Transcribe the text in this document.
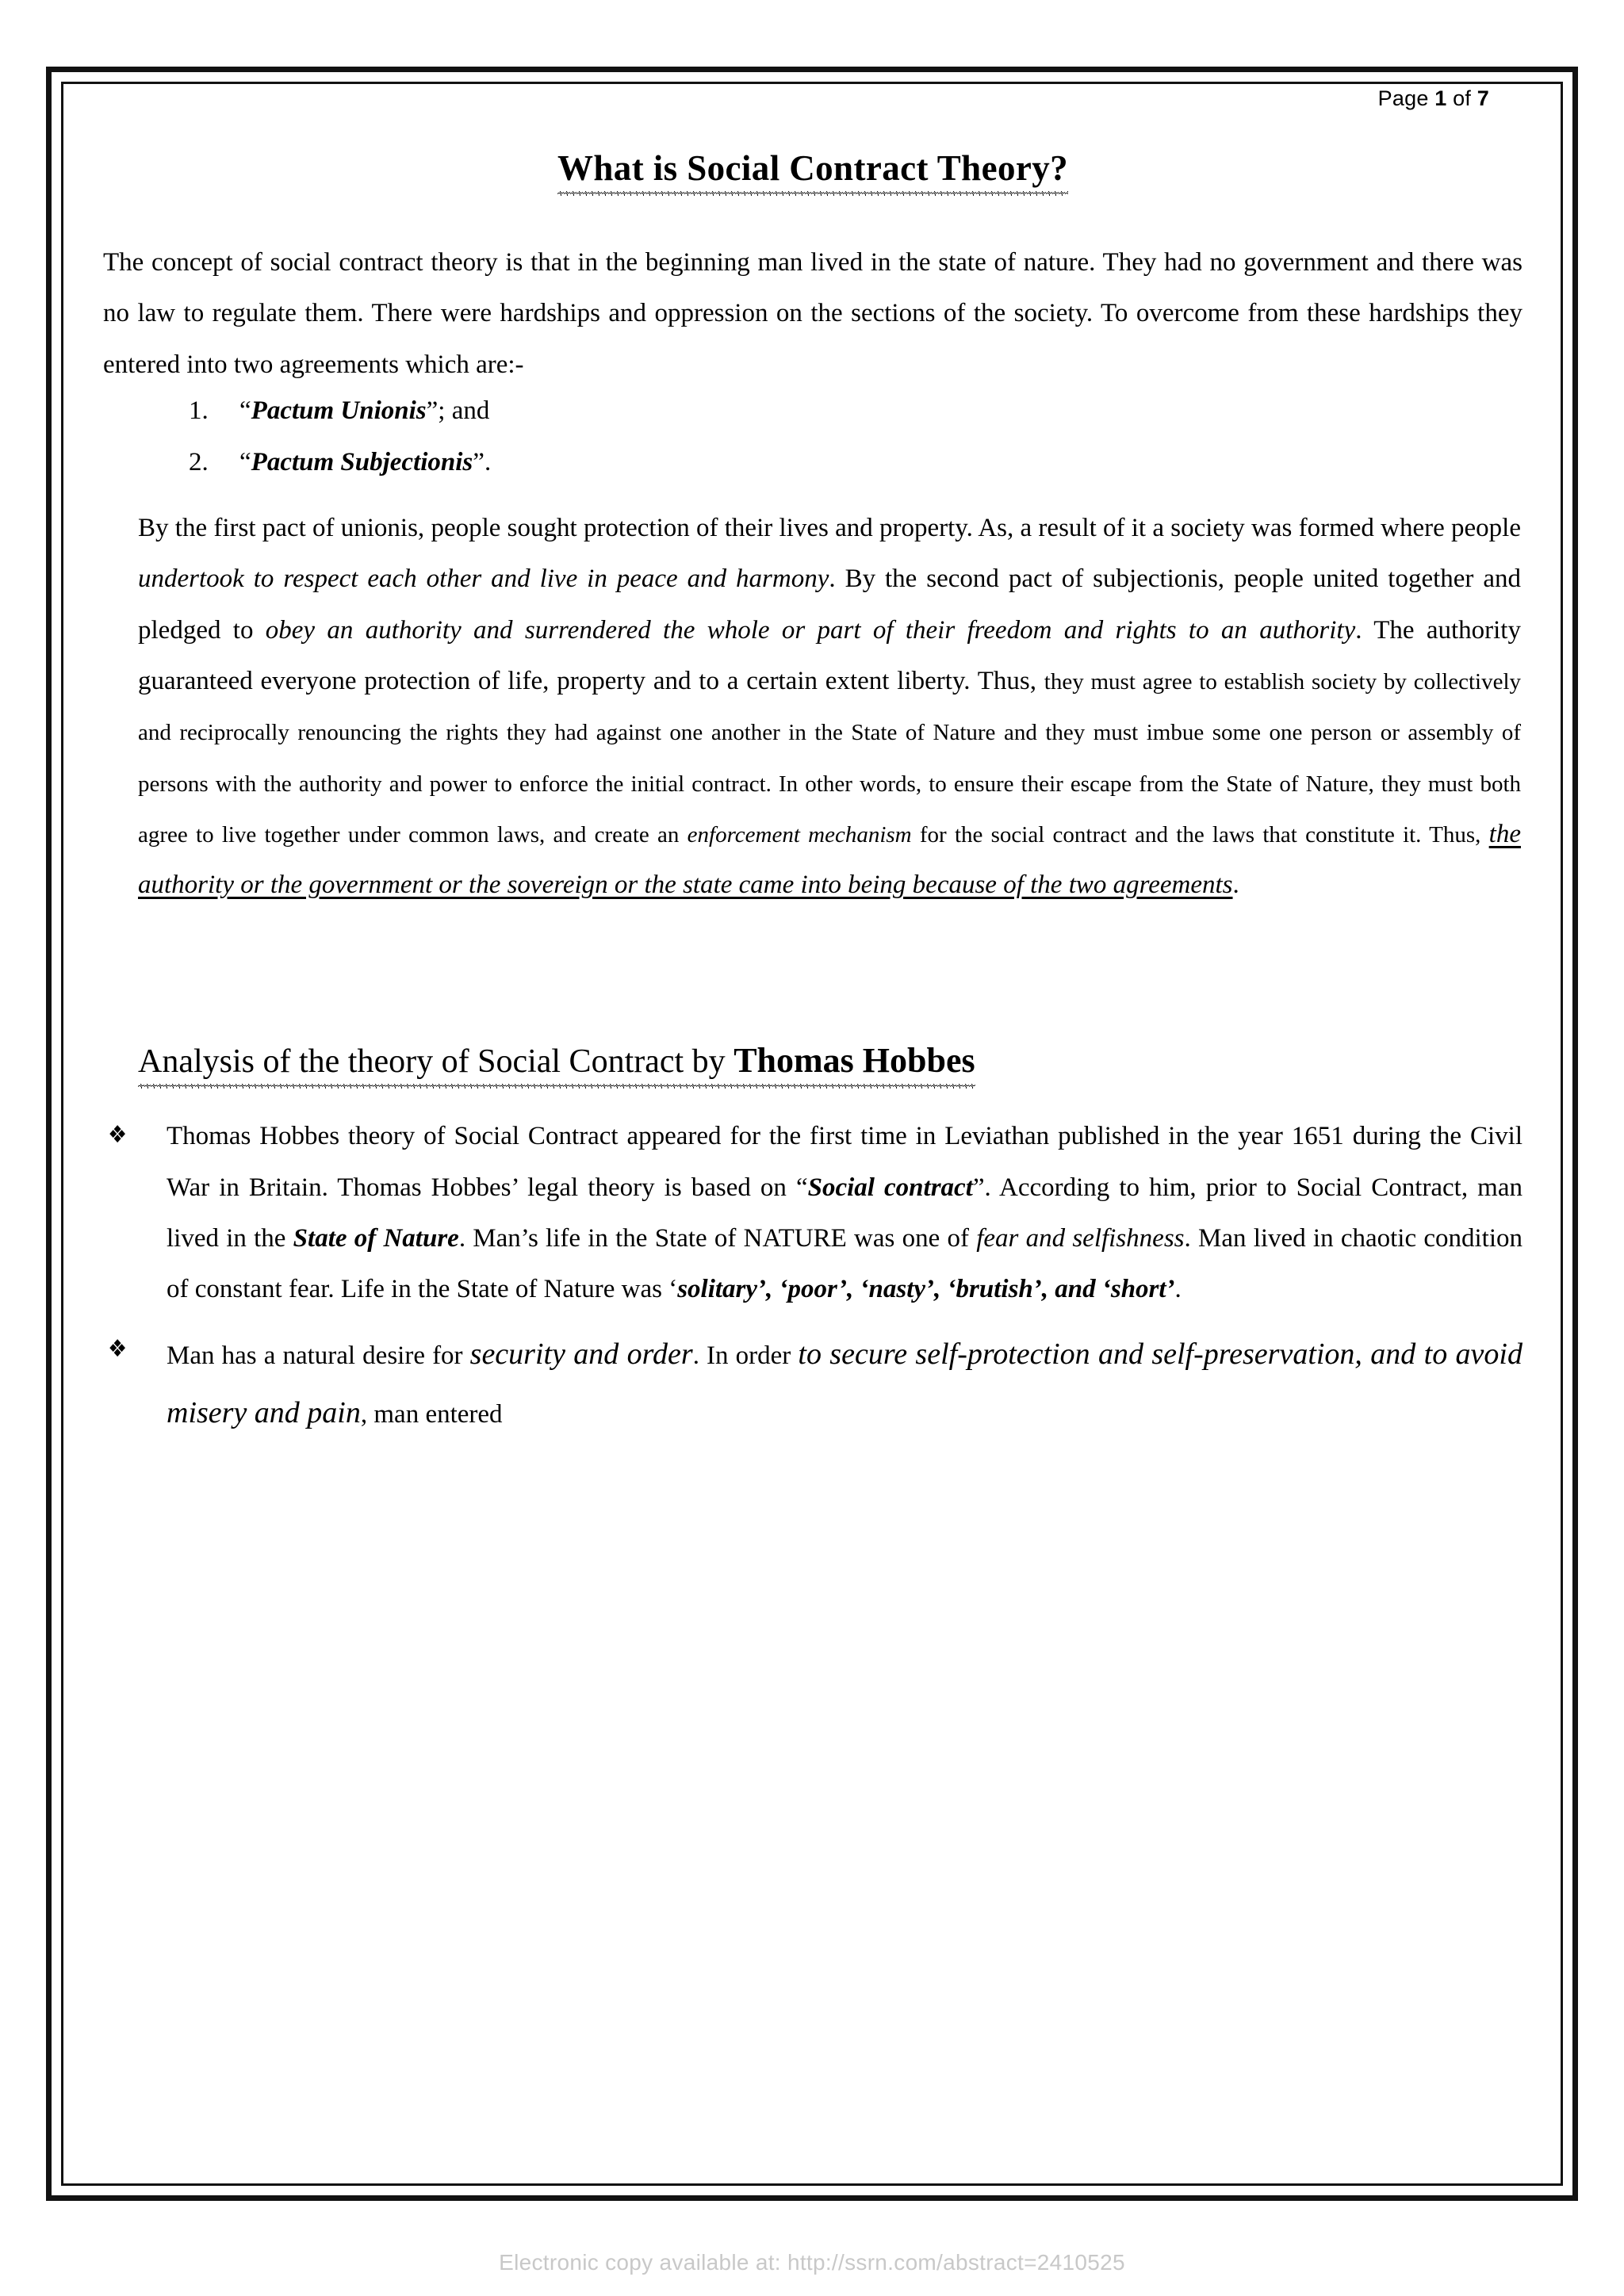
Page 1 of 7
What is Social Contract Theory?

The concept of social contract theory is that in the beginning man lived in the state of nature. They had no government and there was no law to regulate them. There were hardships and oppression on the sections of the society. To overcome from these hardships they entered into two agreements which are:-

1. “Pactum Unionis”; and
2. “Pactum Subjectionis”.

By the first pact of unionis, people sought protection of their lives and property. As, a result of it a society was formed where people undertook to respect each other and live in peace and harmony. By the second pact of subjectionis, people united together and pledged to obey an authority and surrendered the whole or part of their freedom and rights to an authority. The authority guaranteed everyone protection of life, property and to a certain extent liberty. Thus, they must agree to establish society by collectively and reciprocally renouncing the rights they had against one another in the State of Nature and they must imbue some one person or assembly of persons with the authority and power to enforce the initial contract. In other words, to ensure their escape from the State of Nature, they must both agree to live together under common laws, and create an enforcement mechanism for the social contract and the laws that constitute it. Thus, the authority or the government or the sovereign or the state came into being because of the two agreements.

Analysis of the theory of Social Contract by Thomas Hobbes
❖ Thomas Hobbes theory of Social Contract appeared for the first time in Leviathan published in the year 1651 during the Civil War in Britain. Thomas Hobbes’ legal theory is based on “Social contract”. According to him, prior to Social Contract, man lived in the State of Nature. Man’s life in the State of NATURE was one of fear and selfishness. Man lived in chaotic condition of constant fear. Life in the State of Nature was ‘solitary’, ‘poor’, ‘nasty’, ‘brutish’, and ‘short’.
❖ Man has a natural desire for security and order. In order to secure self-protection and self-preservation, and to avoid misery and pain, man entered
Electronic copy available at: http://ssrn.com/abstract=2410525
